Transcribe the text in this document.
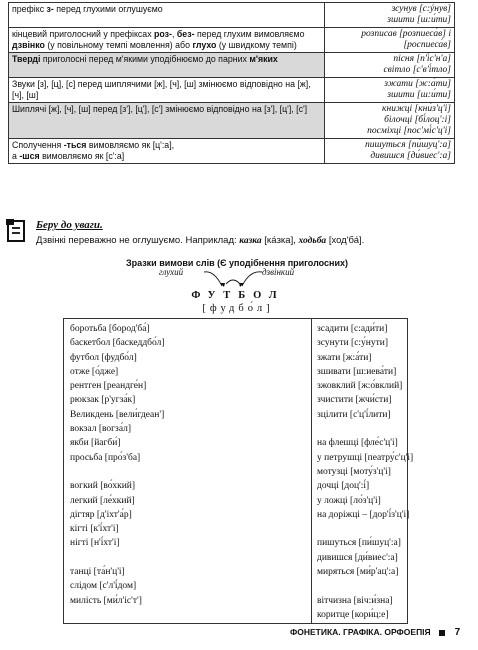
префікс з- перед глухими оглушуємо	зсунув [с:ýнув]
зшити [ш:и́ти]
кінцевий приголосний у префіксах роз-, без- перед глухим вимовляємо дзвінко (у повільному темпі мовлення) або глухо (у швидкому темпі)	розписав [розпиеса́в] і [роспиеса́в]
Тверді приголосні перед м'якими уподібнюємо до парних м'яких	пісня [п'і́с'н'а]
світло [с'в'і́тло]
Звуки [з], [ц], [с] перед шиплячими [ж], [ч], [ш] змінюємо відповідно на [ж], [ч], [ш]	зжати [ж:а́ти]
зшити [ш:и́ти]
Шиплячі [ж], [ч], [ш] перед [з'], [ц'], [с'] змінюємо відповідно на [з'], [ц'], [с']	книжці [кни́з'ц'і]
білочці [бі́лоц':і]
посміхці [пос'мі́с'ц'і]
Сполучення -ться вимовляємо як [ц':а],
а -шся вимовляємо як [с':а]	пишуться [пи́шуц':а]
дивишся [ди́виес':а]
Беру до уваги.
Дзвінкі переважно не оглушуємо. Наприклад: казка [ка́зка], ходьба [ход'ба́].
Зразки вимови слів (Є уподібнення приголосних)
глухий	дзвінкий
ФУТБОЛ
[фудбо́л]
боротьба [бород'ба́]
баскетбол [баскеддбо́л]
футбол [фудбо́л]
отже [о́дже]
рентген [реандге́н]
рюкзак [р'угза́к]
Великдень [вели́гдеан']
вокзал [вогза́л]
якби [йагби́]
просьба [про́з'ба]
вогкий [во́хкий]
легкий [ле́хкий]
дігтяр [д'іхт'а́р]
кігті [к'і́хт'і]
нігті [н'і́хт'і]
танці [та́н'ц'і]
слідом [с'л'і́дом]
милість [ми́л'іс'т']
зсадити [с:ади́ти]
зсунути [с:у́нути]
зжати [ж:а́ти]
зшивати [ш:иева́ти]
зжовклий [ж:о́вклий]
зчистити [жчи́сти]
зцілити [с'ц'і́лити]
на флешці [фле́с'ц'і]
у петрушці [пеатру́с'ц'і]
мотузці [моту́з'ц'і]
дочці [доц':і́]
у ложці [ло́з'ц'і]
на доріжці – [дор'і́з'ц'і]
пишуться [пи́шуц':а]
дивишся [ди́виес':а]
миряться [ми́р'ац':а]
вітчизна [віч:и́зна]
коритце [кори́ц:е]
ФОНЕТИКА. ГРАФІКА. ОРФОЕПІЯ 7
